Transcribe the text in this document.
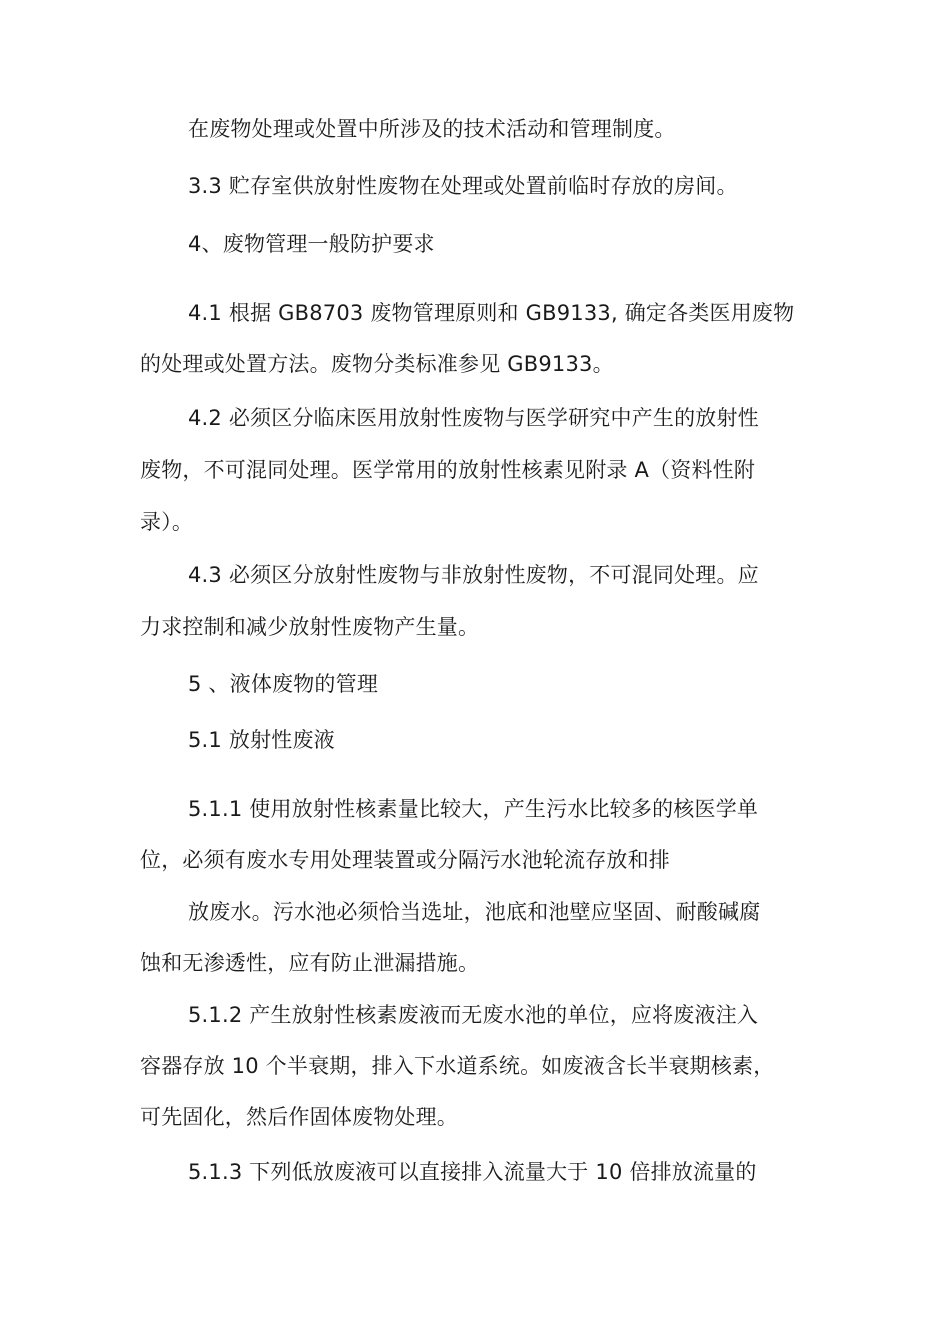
在废物处理或处置中所涉及的技术活动和管理制度。
3.3 贮存室供放射性废物在处理或处置前临时存放的房间。
4、废物管理一般防护要求
4.1 根据 GB8703 废物管理原则和 GB9133, 确定各类医用废物
的处理或处置方法。废物分类标准参见 GB9133。
4.2 必须区分临床医用放射性废物与医学研究中产生的放射性
废物，不可混同处理。医学常用的放射性核素见附录 A（资料性附
录）。
4.3 必须区分放射性废物与非放射性废物，不可混同处理。应
力求控制和减少放射性废物产生量。
5 、液体废物的管理
5.1 放射性废液
5.1.1 使用放射性核素量比较大，产生污水比较多的核医学单
位，必须有废水专用处理装置或分隔污水池轮流存放和排
放废水。污水池必须恰当选址，池底和池壁应坚固、耐酸碱腐
蚀和无渗透性，应有防止泄漏措施。
5.1.2 产生放射性核素废液而无废水池的单位，应将废液注入
容器存放 10 个半衰期，排入下水道系统。如废液含长半衰期核素，
可先固化，然后作固体废物处理。
5.1.3 下列低放废液可以直接排入流量大于 10 倍排放流量的
